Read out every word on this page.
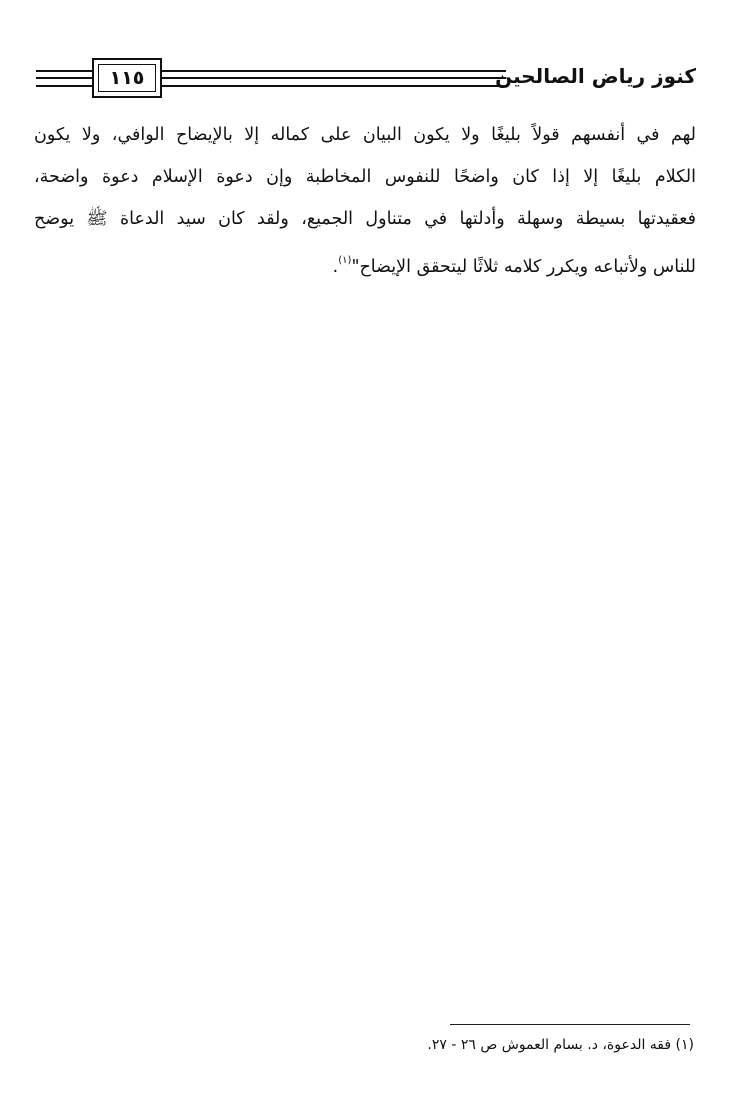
١١٥	كنوز رياض الصالحين
لهم في أنفسهم قولاً بليغًا ولا يكون البيان على كماله إلا بالإيضاح الوافي، ولا يكون
الكلام بليغًا إلا إذا كان واضحًا للنفوس المخاطبة وإن دعوة الإسلام دعوة واضحة،
فعقيدتها بسيطة وسهلة وأدلتها في متناول الجميع، ولقد كان سيد الدعاة ﷺ يوضح
للناس ولأتباعه ويكرر كلامه ثلاثًا ليتحقق الإيضاح"$^{(١)}$.
(١) فقه الدعوة، د. بسام العموش ص ٢٦ - ٢٧.
